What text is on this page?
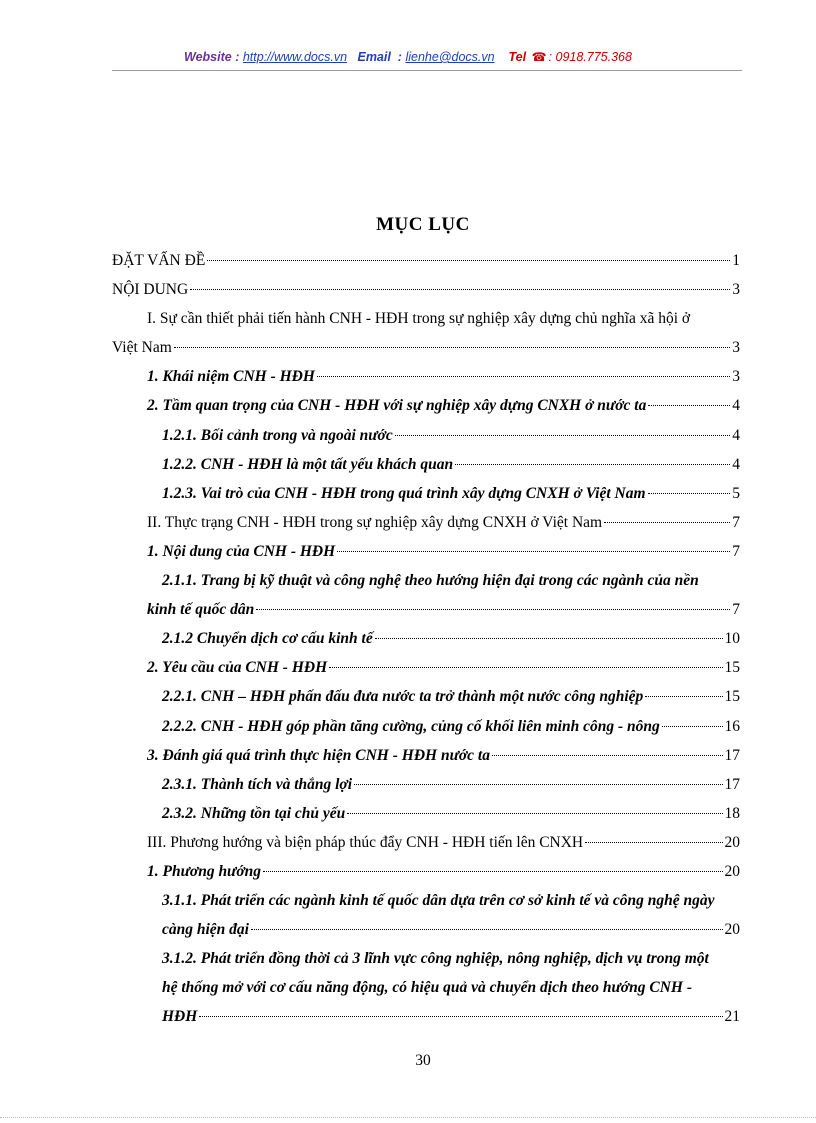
Website : http://www.docs.vn Email : lienhe@docs.vn Tel ☎ : 0918.775.368
MỤC LỤC
ĐẶT VẤN ĐỀ	1
NỘI DUNG	3
I. Sự cần thiết phải tiến hành CNH - HĐH trong sự nghiệp xây dựng chủ nghĩa xã hội ở
Việt Nam	3
1. Khái niệm CNH - HĐH	3
2. Tầm quan trọng của CNH - HĐH với sự nghiệp xây dựng CNXH ở nước ta	4
1.2.1. Bối cảnh trong và ngoài nước	4
1.2.2. CNH - HĐH là một tất yếu khách quan	4
1.2.3. Vai trò của CNH - HĐH trong quá trình xây dựng CNXH ở Việt Nam	5
II. Thực trạng CNH - HĐH trong sự nghiệp xây dựng CNXH ở Việt Nam	7
1. Nội dung của CNH - HĐH	7
2.1.1. Trang bị kỹ thuật và công nghệ theo hướng hiện đại trong các ngành của nền
kinh tế quốc dân	7
2.1.2 Chuyển dịch cơ cấu kinh tế	10
2. Yêu cầu của CNH - HĐH	15
2.2.1. CNH – HĐH phấn đấu đưa nước ta trở thành một nước công nghiệp	15
2.2.2. CNH - HĐH góp phần tăng cường, củng cố khối liên minh công - nông	16
3. Đánh giá quá trình thực hiện CNH - HĐH nước ta	17
2.3.1. Thành tích và thắng lợi	17
2.3.2. Những tồn tại chủ yếu	18
III. Phương hướng và biện pháp thúc đẩy CNH - HĐH tiến lên CNXH	20
1. Phương hướng	20
3.1.1. Phát triển các ngành kinh tế quốc dân dựa trên cơ sở kinh tế và công nghệ ngày
càng hiện đại	20
3.1.2. Phát triển đồng thời cả 3 lĩnh vực công nghiệp, nông nghiệp, dịch vụ trong một
hệ thống mở với cơ cấu năng động, có hiệu quả và chuyển dịch theo hướng CNH -
HĐH	21
30
